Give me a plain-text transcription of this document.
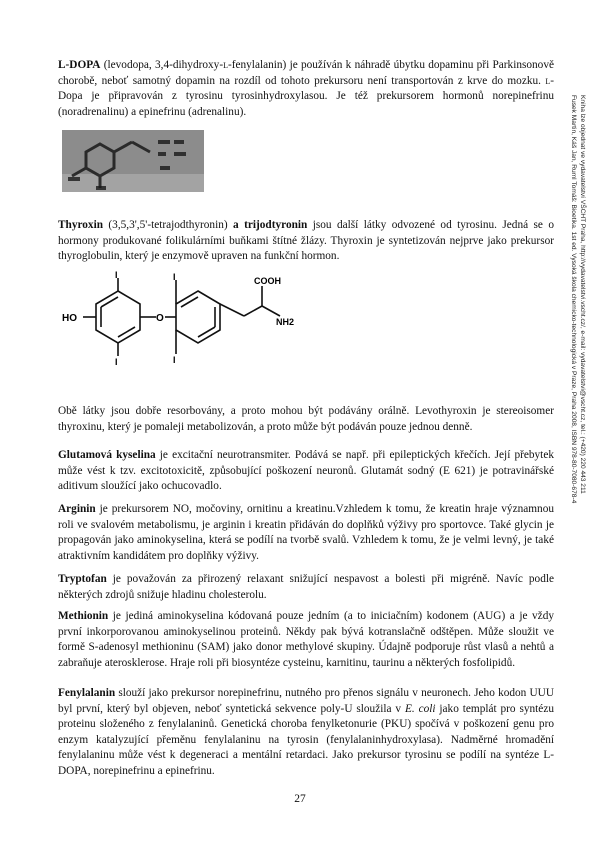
Fusek Martin, Káš Jan, Ruml Tomáš: Bioetika. 1st ed. Vysoká škola chemicko-technologická v Praze, Praha 2008, ISBN 978-80-7080-678-4 Kniha lze objednat ve vydavatelství VŠCHT Praha, http://vydavatelstvi.vscht.cz/, e-mail: vydavatelstvi@vscht.cz, tel.: (+420) 220 443 211

L-DOPA (levodopa, 3,4-dihydroxy-l-fenylalanin) je používán k náhradě úbytku dopaminu při Parkinsonově chorobě, neboť samotný dopamin na rozdíl od tohoto prekursoru není transportován z krve do mozku. l-Dopa je připravován z tyrosinu tyrosinhydroxylasou. Je též prekursorem hormonů norepinefrinu (noradrenalinu) a epinefrinu (adrenalinu).

Thyroxin (3,5,3',5'-tetrajodthyronin) a trijodtyronin jsou další látky odvozené od tyrosinu. Jedná se o hormony produkované folikulárními buňkami štítné žlázy. Thyroxin je syntetizován nejprve jako prekursor thyroglobulin, který je enzymově upraven na funkční hormon.

HO	O
I
I
I
I
COOH
NH2

Obě látky jsou dobře resorbovány, a proto mohou být podávány orálně. Levothyroxin je stereoisomer thyroxinu, který je pomaleji metabolizován, a proto může být podáván pouze jednou denně.

Glutamová kyselina je excitační neurotransmiter. Podává se např. při epileptických křečích. Její přebytek může vést k tzv. excitotoxicitě, způsobující poškození neuronů. Glutamát sodný (E 621) je potravinářské aditivum sloužící jako ochucovadlo.

Arginin je prekursorem NO, močoviny, ornitinu a kreatinu.Vzhledem k tomu, že kreatin hraje významnou roli ve svalovém metabolismu, je arginin i kreatin přidáván do doplňků výživy pro sportovce. Také glycin je propagován jako aminokyselina, která se podílí na tvorbě svalů. Vzhledem k tomu, že je velmi levný, je také atraktivním kandidátem pro doplňky výživy.

Tryptofan je považován za přirozený relaxant snižující nespavost a bolesti při migréně. Navíc podle některých zdrojů snižuje hladinu cholesterolu.

Methionin je jediná aminokyselina kódovaná pouze jedním (a to iniciačním) kodonem (AUG) a je vždy první inkorporovanou aminokyselinou proteinů. Někdy pak bývá kotranslačně odštěpen. Může sloužit ve formě S-adenosyl methioninu (SAM) jako donor methylové skupiny. Údajně podporuje růst vlasů a nehtů a zabraňuje aterosklerose. Hraje roli při biosyntéze cysteinu, karnitinu, taurinu a některých fosfolipidů.

Fenylalanin slouží jako prekursor norepinefrinu, nutného pro přenos signálu v neuronech. Jeho kodon UUU byl první, který byl objeven, neboť syntetická sekvence poly-U sloužila v E. coli jako templát pro syntézu proteinu složeného z fenylalaninů. Genetická choroba fenylketonurie (PKU) spočívá v poškození genu pro enzym katalyzující přeměnu fenylalaninu na tyrosin (fenylalaninhydroxylasa). Nadměrné hromadění fenylalaninu může vést k degeneraci a mentální retardaci. Jako prekursor tyrosinu se podílí na syntéze L-DOPA, norepinefrinu a epinefrinu.

27
